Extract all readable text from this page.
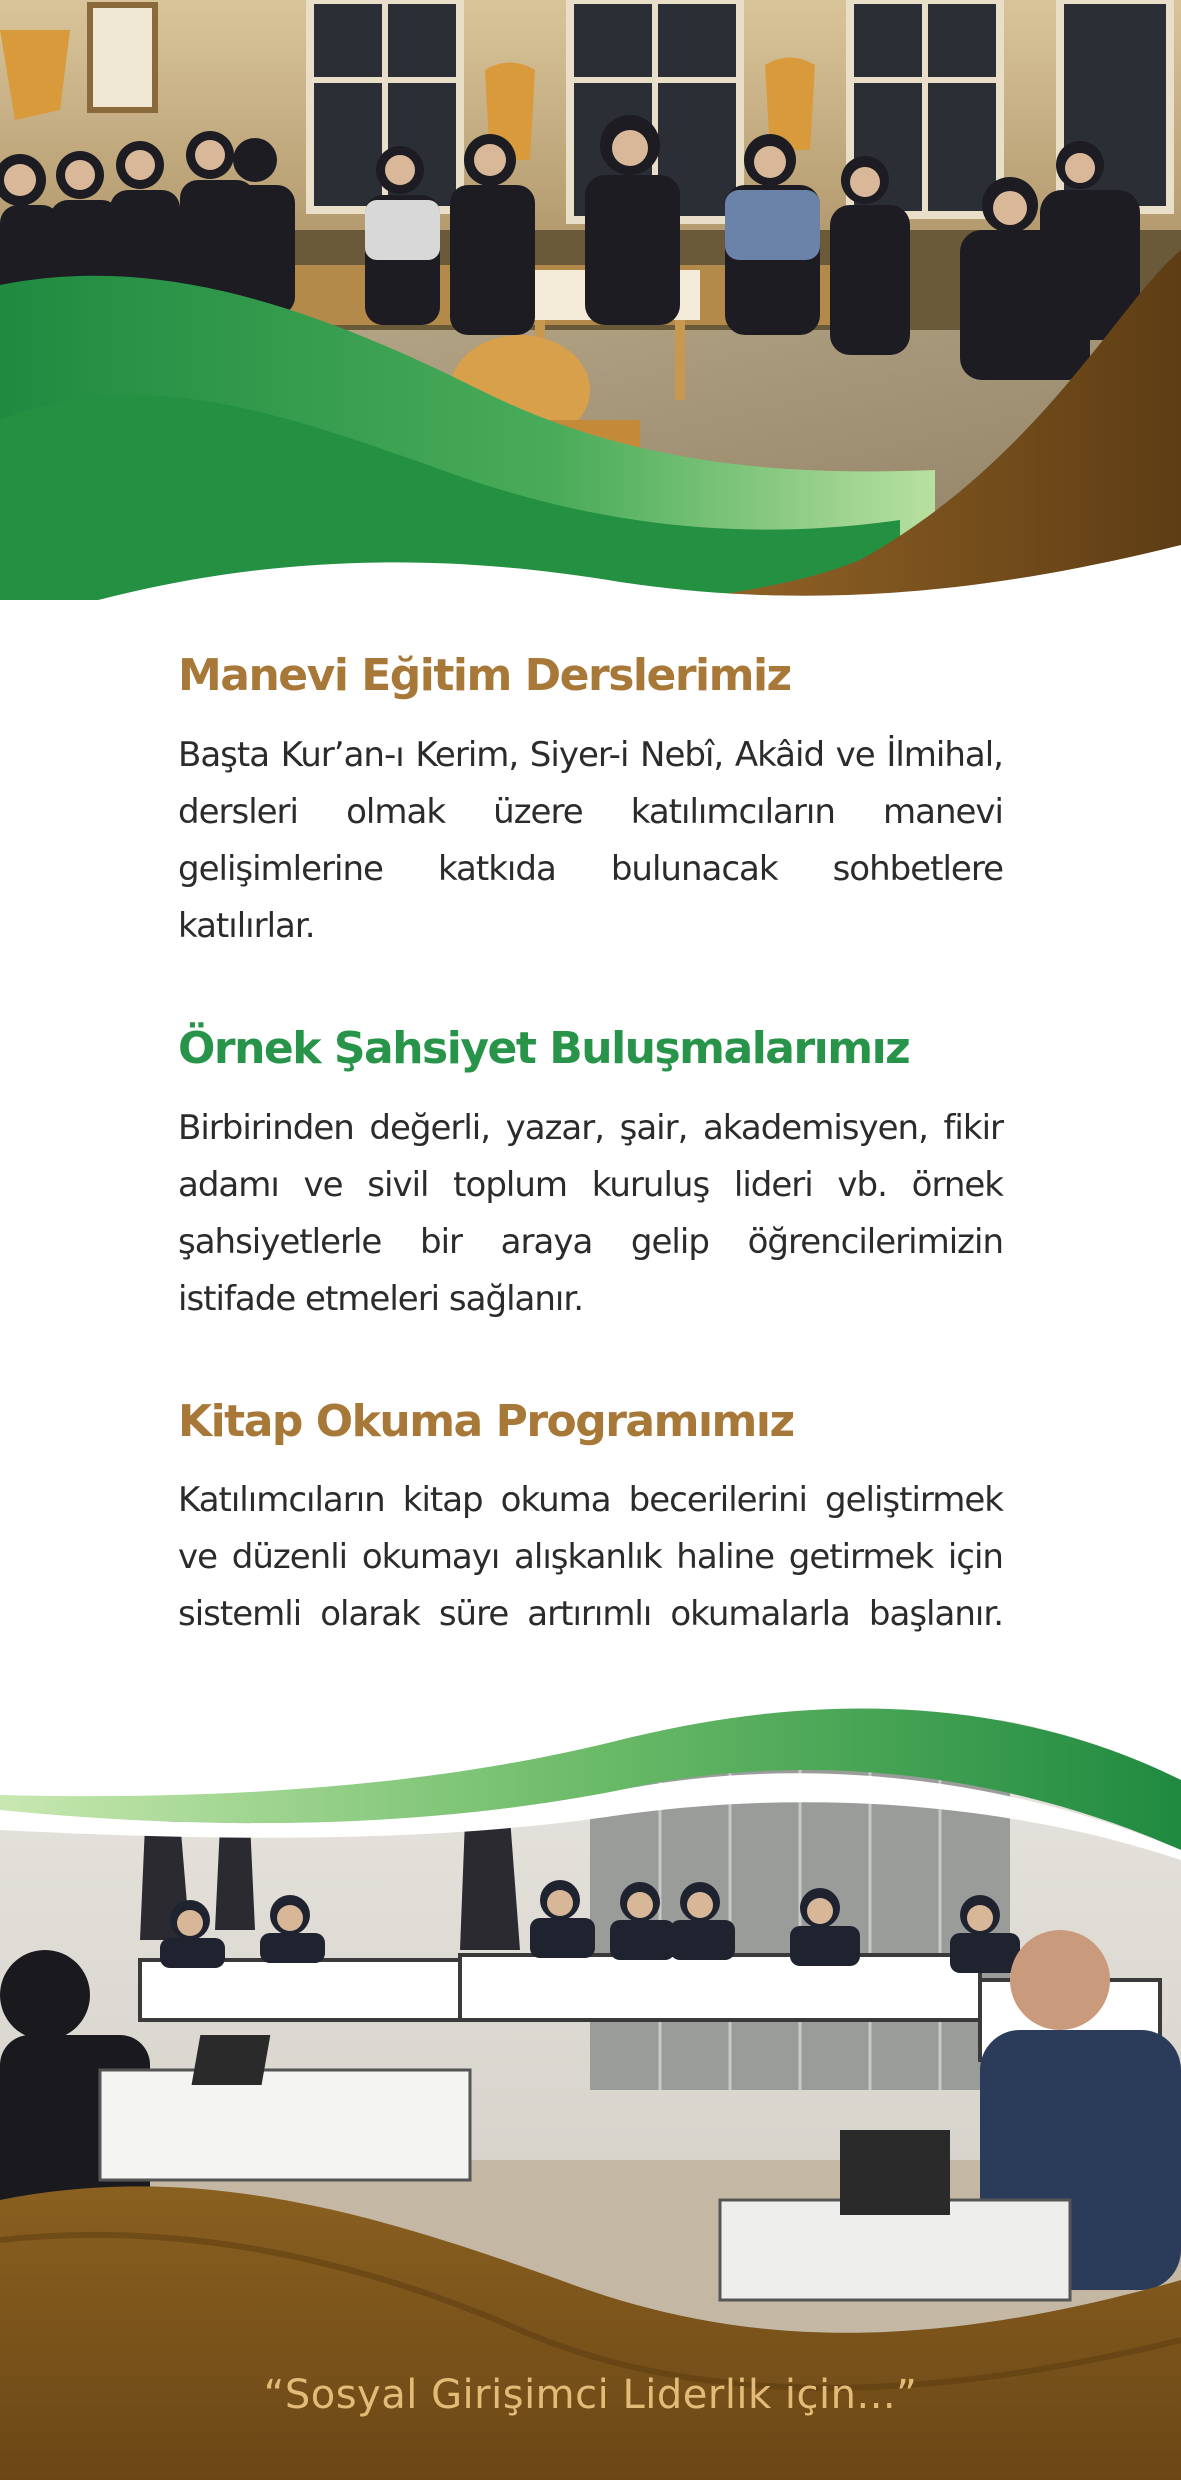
Manevi Eğitim Derslerimiz

Başta Kur’an-ı Kerim, Siyer-i Nebî, Akâid ve İlmihal, dersleri olmak üzere katılımcıların manevi gelişimlerine katkıda bulunacak sohbetlere katılırlar.

Örnek Şahsiyet Buluşmalarımız

Birbirinden değerli, yazar, şair, akademisyen, fikir adamı ve sivil toplum kuruluş lideri vb. örnek şahsiyetlerle bir araya gelip öğrencilerimizin istifade etmeleri sağlanır.

Kitap Okuma Programımız

Katılımcıların kitap okuma becerilerini geliştirmek ve düzenli okumayı alışkanlık haline getirmek için sistemli olarak süre artırımlı okumalarla başlanır.

“Sosyal Girişimci Liderlik için...”
